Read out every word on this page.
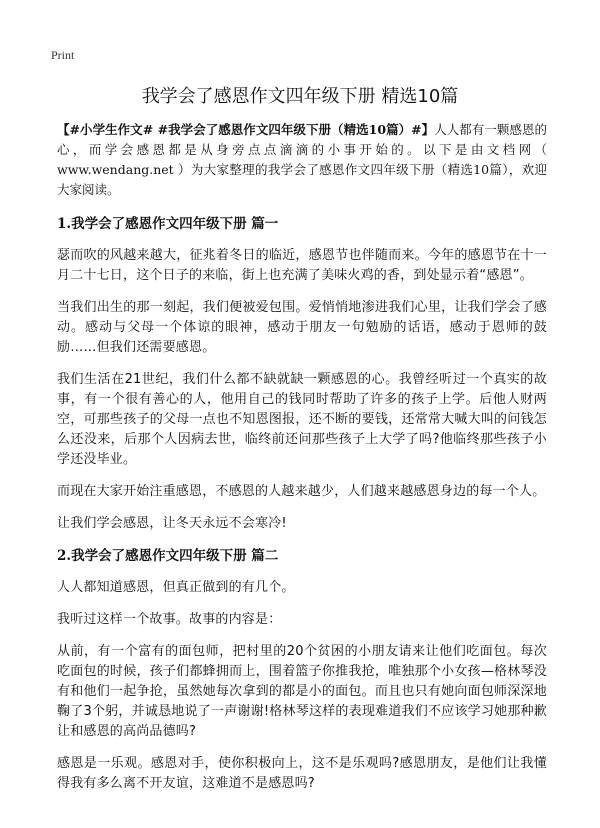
Print
我学会了感恩作文四年级下册 精选10篇

【#小学生作文# #我学会了感恩作文四年级下册（精选10篇）#】人人都有一颗感恩的心，而学会感恩都是从身旁点点滴滴的小事开始的。以下是由文档网（ www.wendang.net ）为大家整理的我学会了感恩作文四年级下册（精选10篇），欢迎大家阅读。

1.我学会了感恩作文四年级下册 篇一

瑟而吹的风越来越大，征兆着冬日的临近，感恩节也伴随而来。今年的感恩节在十一月二十七日，这个日子的来临，街上也充满了美味火鸡的香，到处显示着“感恩”。

当我们出生的那一刻起，我们便被爱包围。爱悄悄地渗进我们心里，让我们学会了感动。感动与父母一个体谅的眼神，感动于朋友一句勉励的话语，感动于恩师的鼓励……但我们还需要感恩。

我们生活在21世纪，我们什么都不缺就缺一颗感恩的心。我曾经听过一个真实的故事，有一个很有善心的人，他用自己的钱同时帮助了许多的孩子上学。后他人财两空，可那些孩子的父母一点也不知恩图报，还不断的要钱，还常常大喊大叫的问钱怎么还没来，后那个人因病去世，临终前还问那些孩子上大学了吗?他临终那些孩子小学还没毕业。

而现在大家开始注重感恩，不感恩的人越来越少，人们越来越感恩身边的每一个人。

让我们学会感恩，让冬天永远不会寒冷!

2.我学会了感恩作文四年级下册 篇二

人人都知道感恩，但真正做到的有几个。

我听过这样一个故事。故事的内容是：

从前，有一个富有的面包师，把村里的20个贫困的小朋友请来让他们吃面包。每次吃面包的时候，孩子们都蜂拥而上，围着篮子你推我抢，唯独那个小女孩—格林琴没有和他们一起争抢，虽然她每次拿到的都是小的面包。而且也只有她向面包师深深地鞠了3个躬，并诚恳地说了一声谢谢!格林琴这样的表现难道我们不应该学习她那种歉让和感恩的高尚品德吗?

感恩是一乐观。感恩对手，使你积极向上，这不是乐观吗?感恩朋友，是他们让我懂得我有多么离不开友谊，这难道不是感恩吗?
